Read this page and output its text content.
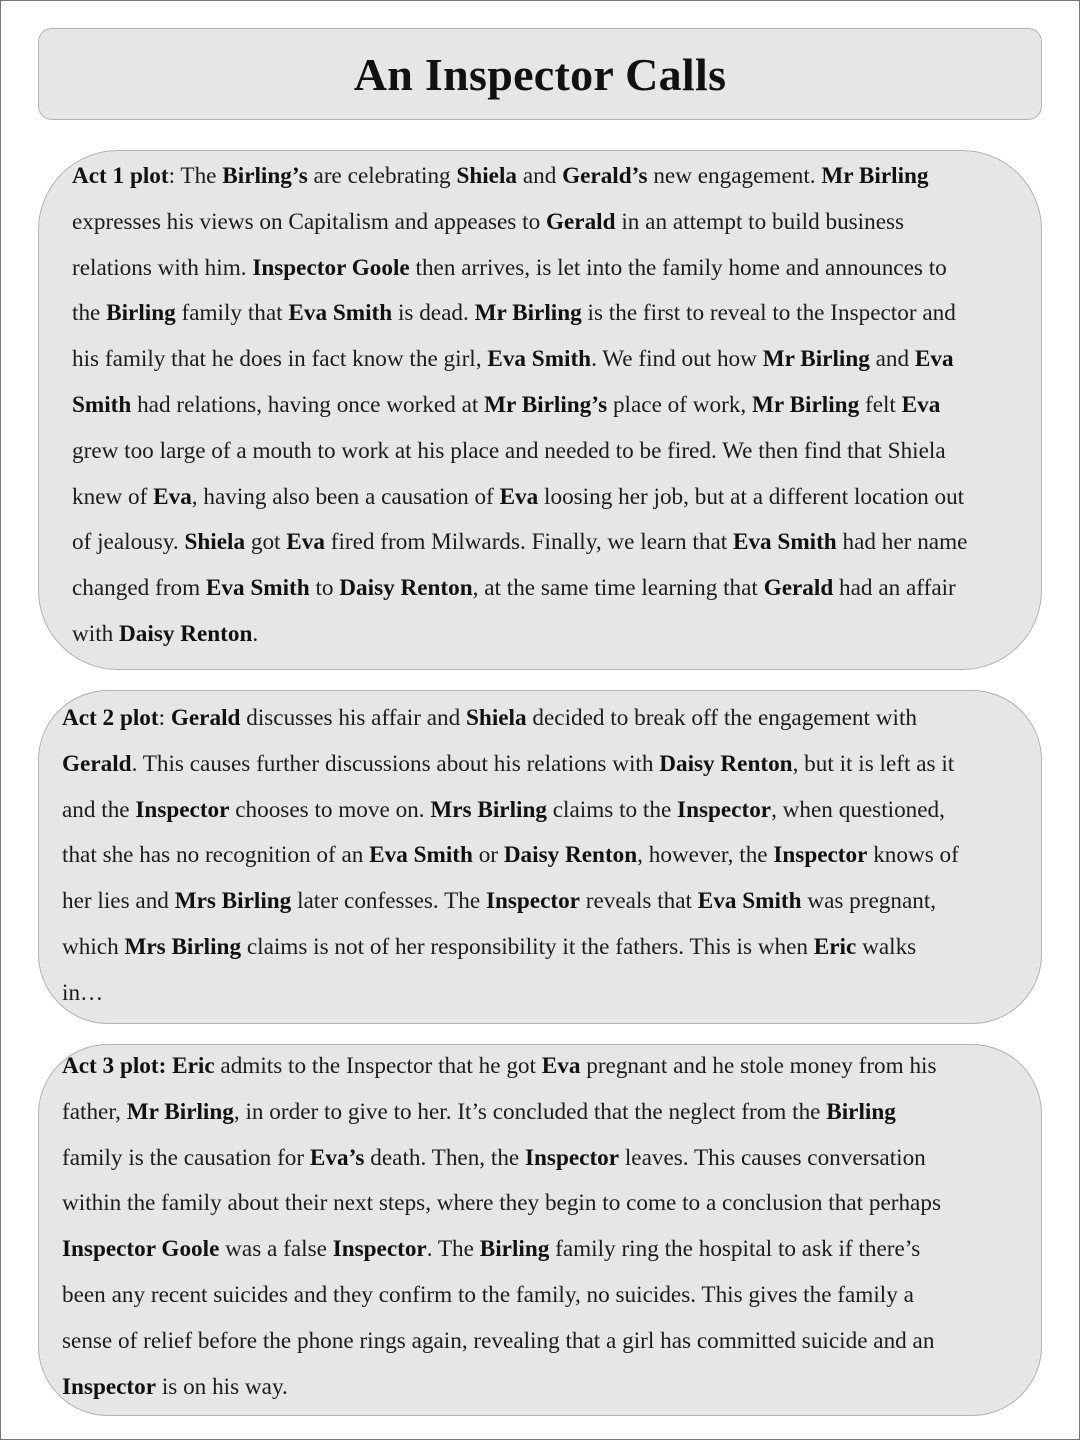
An Inspector Calls
Act 1 plot: The Birling’s are celebrating Shiela and Gerald’s new engagement. Mr Birling
expresses his views on Capitalism and appeases to Gerald in an attempt to build business
relations with him. Inspector Goole then arrives, is let into the family home and announces to
the Birling family that Eva Smith is dead. Mr Birling is the first to reveal to the Inspector and
his family that he does in fact know the girl, Eva Smith. We find out how Mr Birling and Eva
Smith had relations, having once worked at Mr Birling’s place of work, Mr Birling felt Eva
grew too large of a mouth to work at his place and needed to be fired. We then find that Shiela
knew of Eva, having also been a causation of Eva loosing her job, but at a different location out
of jealousy. Shiela got Eva fired from Milwards. Finally, we learn that Eva Smith had her name
changed from Eva Smith to Daisy Renton, at the same time learning that Gerald had an affair
with Daisy Renton.
Act 2 plot: Gerald discusses his affair and Shiela decided to break off the engagement with
Gerald. This causes further discussions about his relations with Daisy Renton, but it is left as it
and the Inspector chooses to move on. Mrs Birling claims to the Inspector, when questioned,
that she has no recognition of an Eva Smith or Daisy Renton, however, the Inspector knows of
her lies and Mrs Birling later confesses. The Inspector reveals that Eva Smith was pregnant,
which Mrs Birling claims is not of her responsibility it the fathers. This is when Eric walks
in…
Act 3 plot: Eric admits to the Inspector that he got Eva pregnant and he stole money from his
father, Mr Birling, in order to give to her. It’s concluded that the neglect from the Birling
family is the causation for Eva’s death. Then, the Inspector leaves. This causes conversation
within the family about their next steps, where they begin to come to a conclusion that perhaps
Inspector Goole was a false Inspector. The Birling family ring the hospital to ask if there’s
been any recent suicides and they confirm to the family, no suicides. This gives the family a
sense of relief before the phone rings again, revealing that a girl has committed suicide and an
Inspector is on his way.
